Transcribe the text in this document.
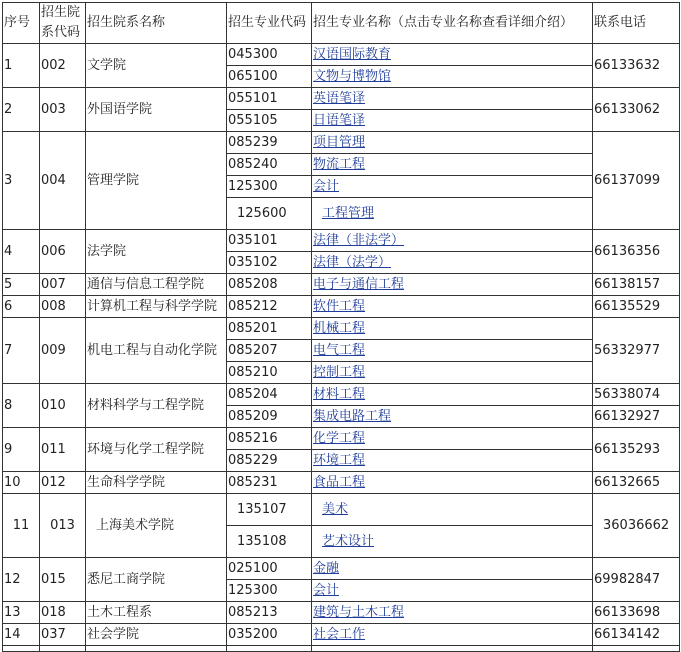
序号	招生院系代码	招生院系名称	招生专业代码	招生专业名称（点击专业名称查看详细介绍）	联系电话
1	002	文学院	045300	汉语国际教育	66133632
			065100	文物与博物馆	
2	003	外国语学院	055101	英语笔译	66133062
			055105	日语笔译	
3	004	管理学院	085239	项目管理	66137099
			085240	物流工程	
			125300	会计	
			125600	工程管理	
4	006	法学院	035101	法律（非法学）	66136356
			035102	法律（法学）	
5	007	通信与信息工程学院	085208	电子与通信工程	66138157
6	008	计算机工程与科学学院	085212	软件工程	66135529
7	009	机电工程与自动化学院	085201	机械工程	56332977
			085207	电气工程	
			085210	控制工程	
8	010	材料科学与工程学院	085204	材料工程	56338074
			085209	集成电路工程	66132927
9	011	环境与化学工程学院	085216	化学工程	66135293
			085229	环境工程	
10	012	生命科学学院	085231	食品工程	66132665
11	013	上海美术学院	135107	美术	36036662
			135108	艺术设计	
12	015	悉尼工商学院	025100	金融	69982847
			125300	会计	
13	018	土木工程系	085213	建筑与土木工程	66133698
14	037	社会学院	035200	社会工作	66134142
